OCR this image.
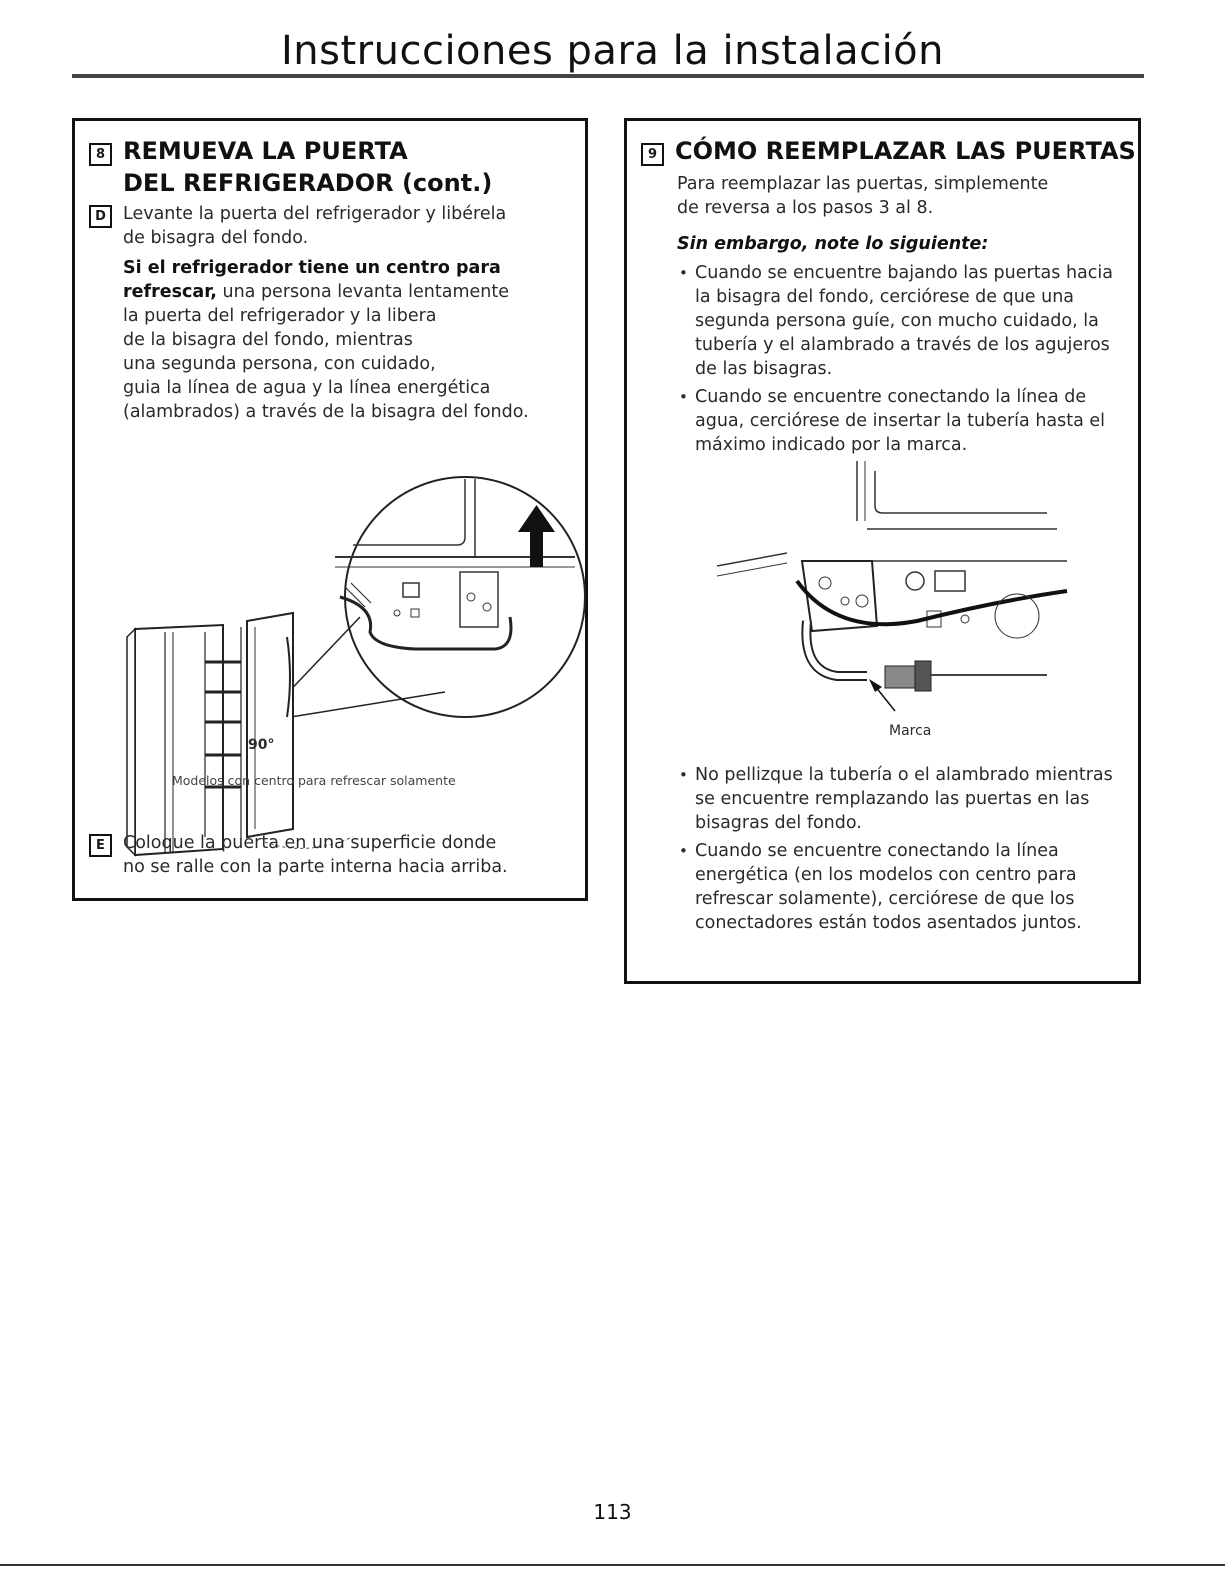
Instrucciones para la instalación
8 REMUEVA LA PUERTA
DEL REFRIGERADOR (cont.)
D Levante la puerta del refrigerador y libérela
de bisagra del fondo.
Si el refrigerador tiene un centro para
refrescar, una persona levanta lentamente
la puerta del refrigerador y la libera
de la bisagra del fondo, mientras
una segunda persona, con cuidado,
guia la línea de agua y la línea energética
(alambrados) a través de la bisagra del fondo.
90°
Modelos con centro para refrescar solamente
E	Coloque la puerta en una superficie donde
no se ralle con la parte interna hacia arriba.
9 CÓMO REEMPLAZAR LAS PUERTAS
Para reemplazar las puertas, simplemente
de reversa a los pasos 3 al 8.
Sin embargo, note lo siguiente:
• Cuando se encuentre bajando las puertas hacia la bisagra del fondo, cerciórese de que una segunda persona guíe, con mucho cuidado, la tubería y el alambrado a través de los agujeros de las bisagras.
• Cuando se encuentre conectando la línea de agua, cerciórese de insertar la tubería hasta el máximo indicado por la marca.
Marca
• No pellizque la tubería o el alambrado mientras se encuentre remplazando las puertas en las bisagras del fondo.
• Cuando se encuentre conectando la línea energética (en los modelos con centro para refrescar solamente), cerciórese de que los conectadores están todos asentados juntos.
113
